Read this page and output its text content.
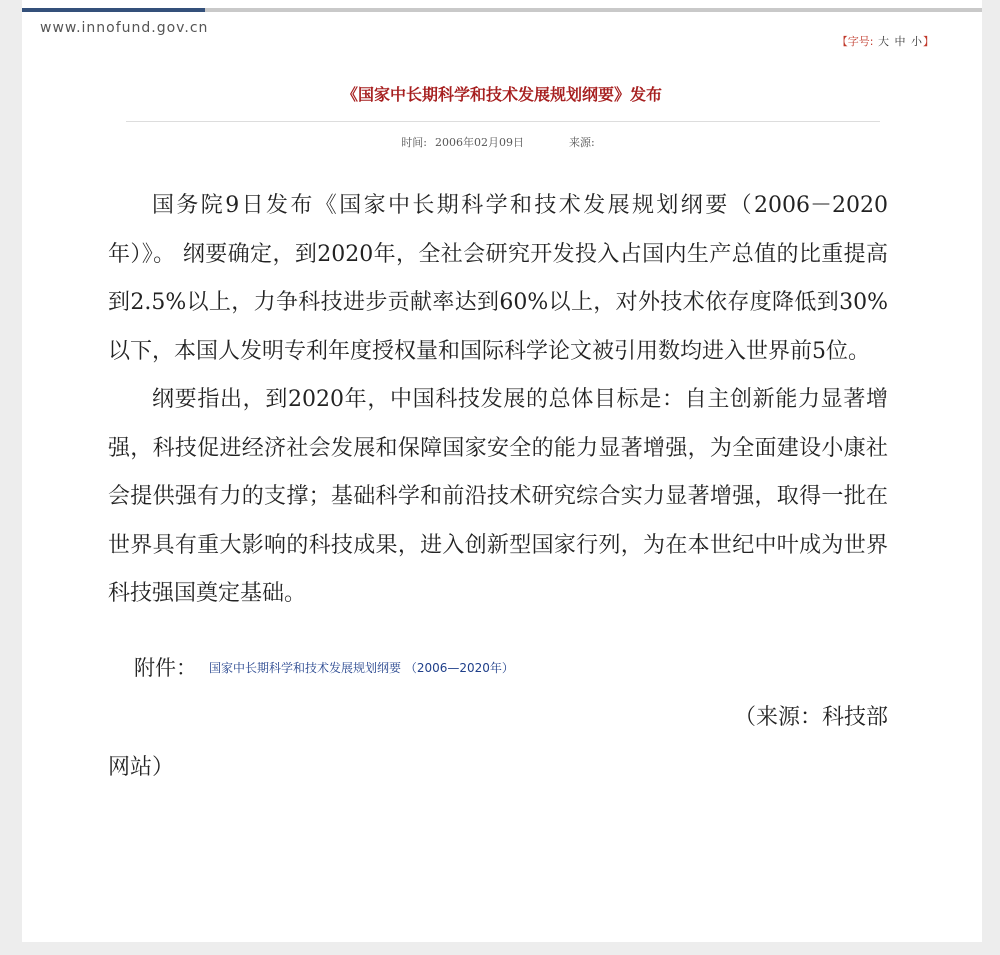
www.innofund.gov.cn
【字号: 大 中 小】
《国家中长期科学和技术发展规划纲要》发布
时间: 2006年02月09日	来源:

国务院9日发布《国家中长期科学和技术发展规划纲要（2006－2020年）》。 纲要确定，到2020年，全社会研究开发投入占国内生产总值的比重提高到2.5%以上，力争科技进步贡献率达到60%以上，对外技术依存度降低到30%以下，本国人发明专利年度授权量和国际科学论文被引用数均进入世界前5位。

纲要指出，到2020年，中国科技发展的总体目标是：自主创新能力显著增强，科技促进经济社会发展和保障国家安全的能力显著增强，为全面建设小康社会提供强有力的支撑；基础科学和前沿技术研究综合实力显著增强，取得一批在世界具有重大影响的科技成果，进入创新型国家行列，为在本世纪中叶成为世界科技强国奠定基础。

附件： 国家中长期科学和技术发展规划纲要 （2006—2020年）
（来源：科技部
网站）
